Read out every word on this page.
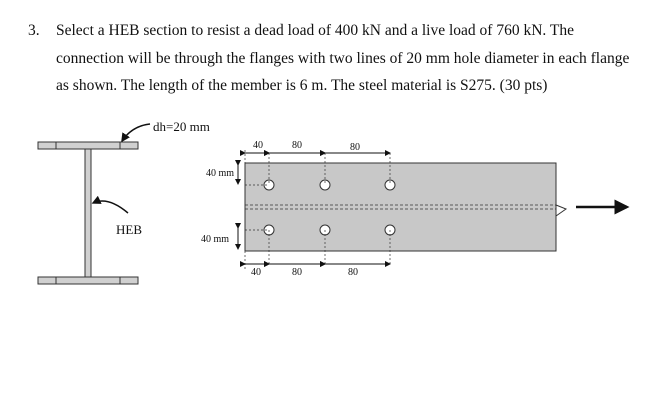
3. Select a HEB section to resist a dead load of 400 kN and a live load of 760 kN. The
connection will be through the flanges with two lines of 20 mm hole diameter in each flange
as shown. The length of the member is 6 m. The steel material is S275. (30 pts)
dh=20 mm
HEB
40 mm
40 mm
40	80	80
40	80	80
